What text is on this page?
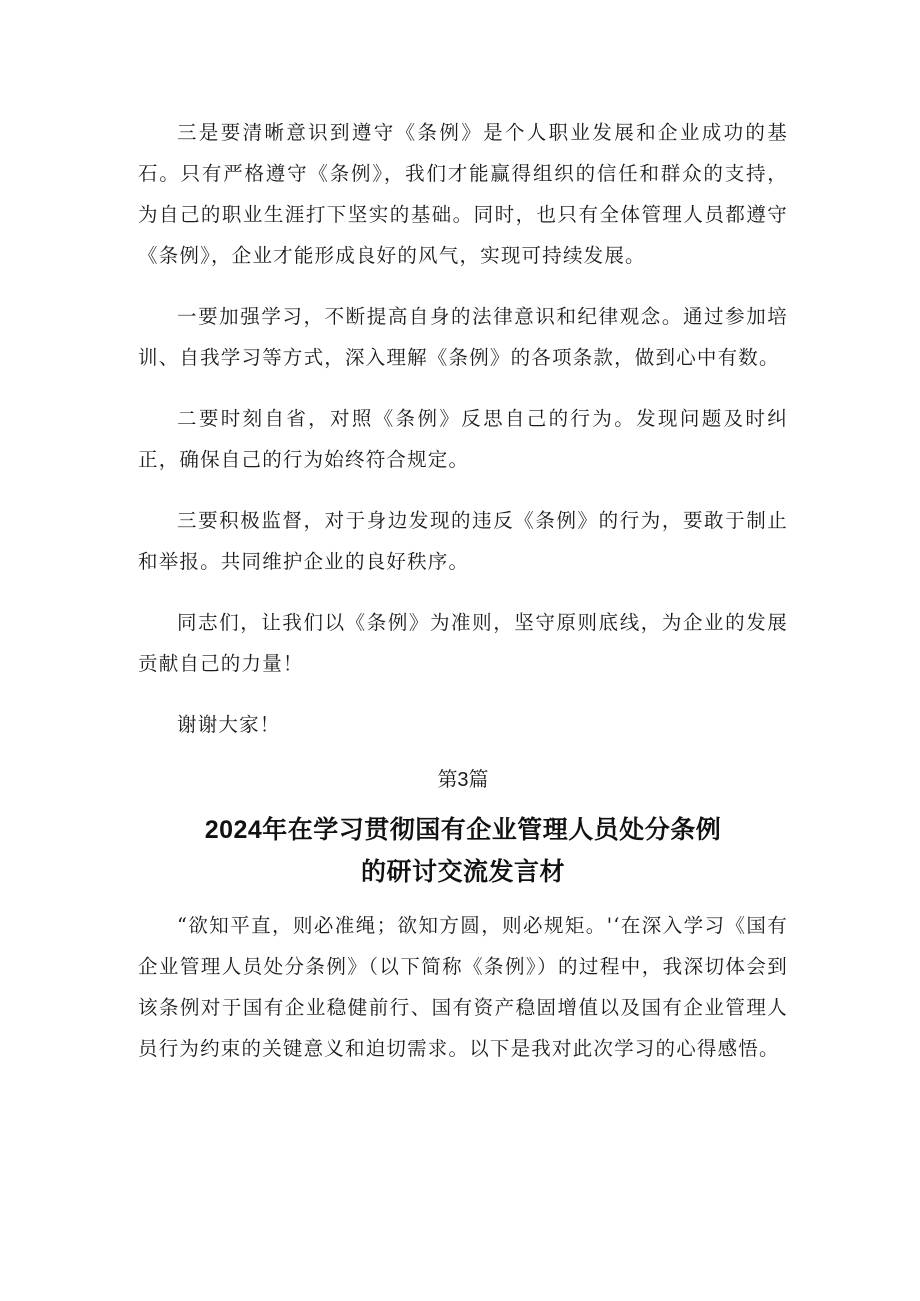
三是要清晰意识到遵守《条例》是个人职业发展和企业成功的基石。只有严格遵守《条例》，我们才能赢得组织的信任和群众的支持，为自己的职业生涯打下坚实的基础。同时，也只有全体管理人员都遵守《条例》，企业才能形成良好的风气，实现可持续发展。

一要加强学习，不断提高自身的法律意识和纪律观念。通过参加培训、自我学习等方式，深入理解《条例》的各项条款，做到心中有数。

二要时刻自省，对照《条例》反思自己的行为。发现问题及时纠正，确保自己的行为始终符合规定。

三要积极监督，对于身边发现的违反《条例》的行为，要敢于制止和举报。共同维护企业的良好秩序。

同志们，让我们以《条例》为准则，坚守原则底线，为企业的发展贡献自己的力量！

谢谢大家！

第3篇
2024年在学习贯彻国有企业管理人员处分条例
的研讨交流发言材

“欲知平直，则必准绳；欲知方圆，则必规矩。'‘在深入学习《国有企业管理人员处分条例》（以下简称《条例》）的过程中，我深切体会到该条例对于国有企业稳健前行、国有资产稳固增值以及国有企业管理人员行为约束的关键意义和迫切需求。以下是我对此次学习的心得感悟。
